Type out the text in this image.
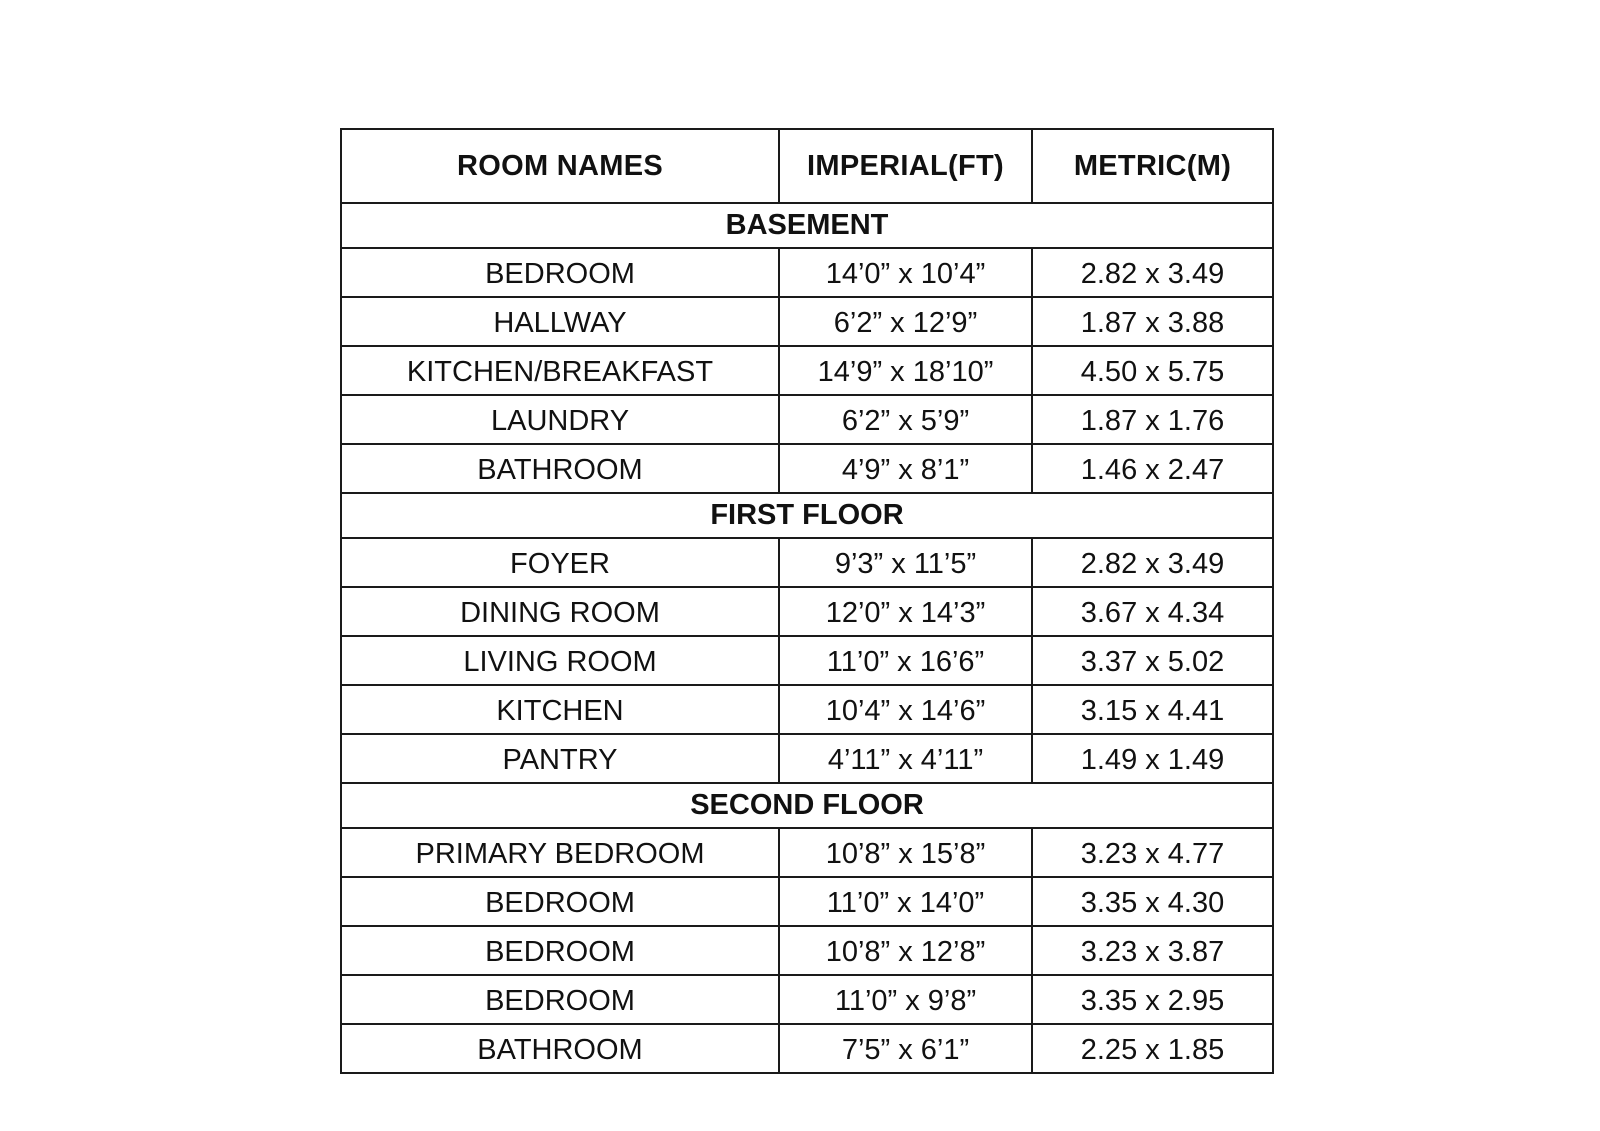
ROOM NAMES	IMPERIAL(FT)	METRIC(M)
BASEMENT		
BEDROOM	14’0” x 10’4”	2.82 x 3.49
HALLWAY	6’2” x 12’9”	1.87 x 3.88
KITCHEN/BREAKFAST	14’9” x 18’10”	4.50 x 5.75
LAUNDRY	6’2” x 5’9”	1.87 x 1.76
BATHROOM	4’9” x 8’1”	1.46 x 2.47
FIRST FLOOR		
FOYER	9’3” x 11’5”	2.82 x 3.49
DINING ROOM	12’0” x 14’3”	3.67 x 4.34
LIVING ROOM	11’0” x 16’6”	3.37 x 5.02
KITCHEN	10’4” x 14’6”	3.15 x 4.41
PANTRY	4’11” x 4’11”	1.49 x 1.49
SECOND FLOOR		
PRIMARY BEDROOM	10’8” x 15’8”	3.23 x 4.77
BEDROOM	11’0” x 14’0”	3.35 x 4.30
BEDROOM	10’8” x 12’8”	3.23 x 3.87
BEDROOM	11’0” x 9’8”	3.35 x 2.95
BATHROOM	7’5” x 6’1”	2.25 x 1.85
